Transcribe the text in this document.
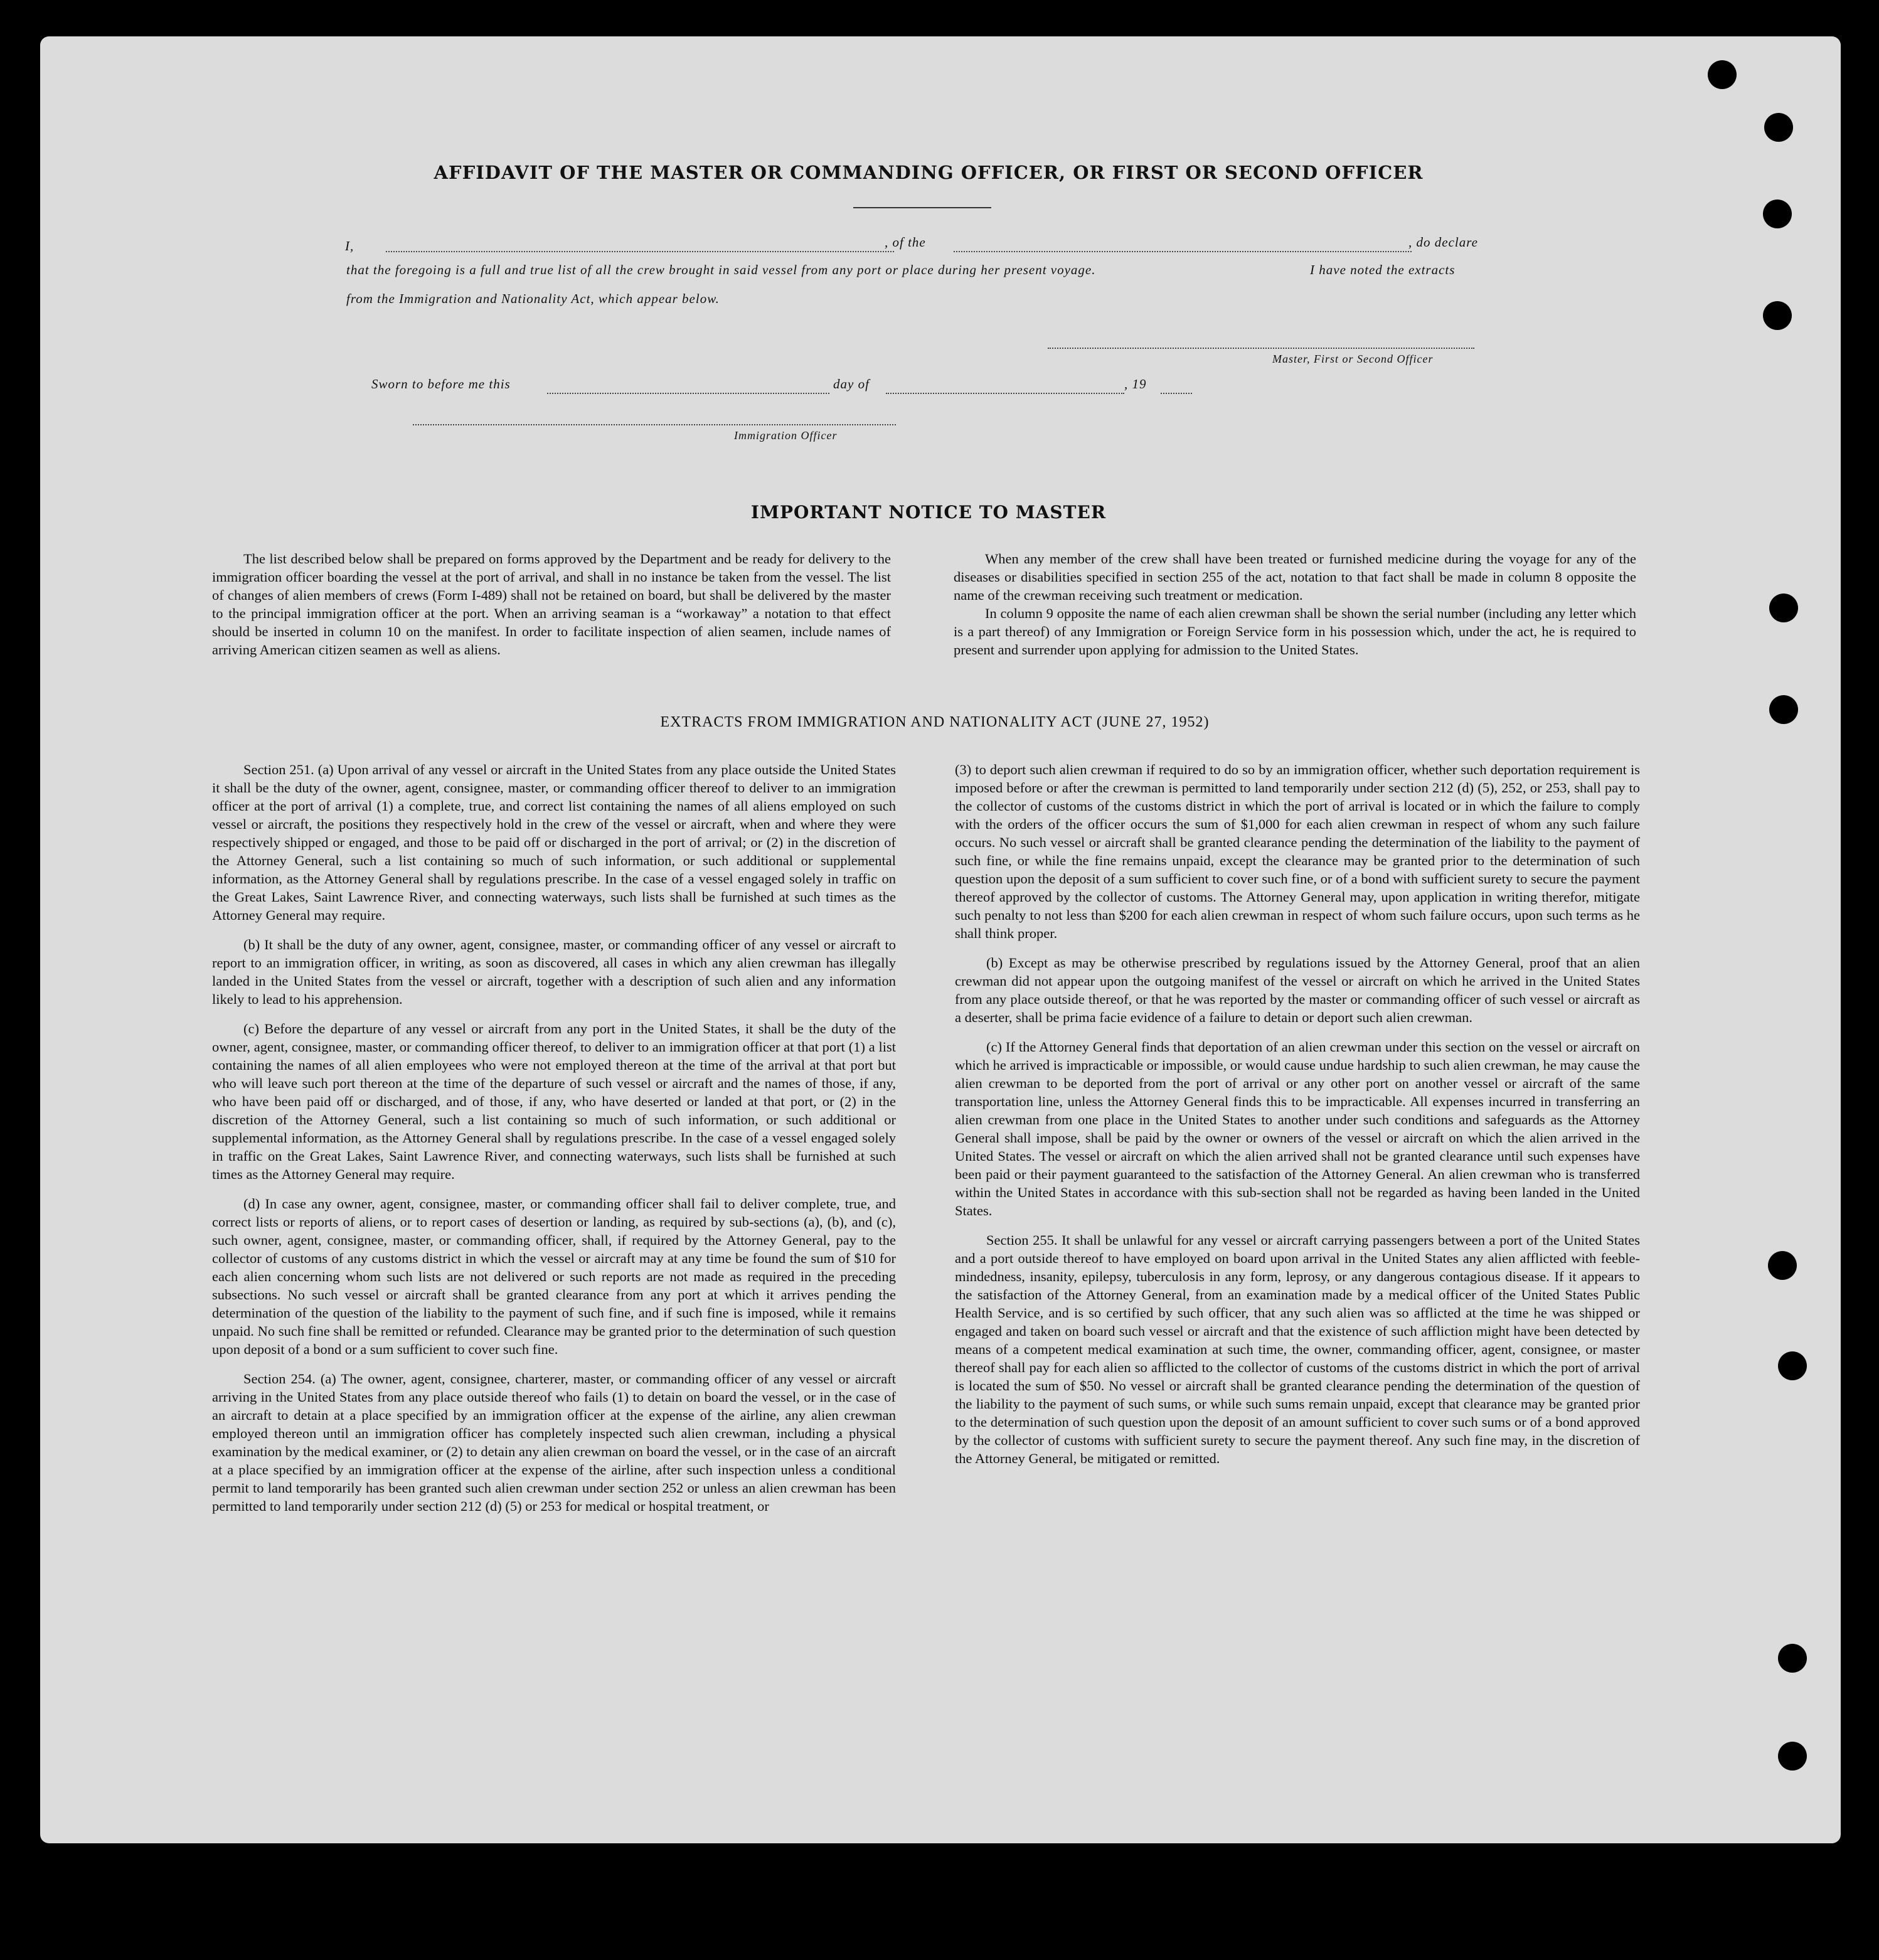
AFFIDAVIT OF THE MASTER OR COMMANDING OFFICER, OR FIRST OR SECOND OFFICER
I,	, of the	, do declare
that the foregoing is a full and true list of all the crew brought in said vessel from any port or place during her present voyage.	I have noted the extracts
from the Immigration and Nationality Act, which appear below.
Master, First or Second Officer
Sworn to before me this	day of	, 19
Immigration Officer
IMPORTANT NOTICE TO MASTER

The list described below shall be prepared on forms approved by the Department and be ready for delivery to the immigration officer boarding the vessel at the port of arrival, and shall in no instance be taken from the vessel. The list of changes of alien members of crews (Form I-489) shall not be retained on board, but shall be delivered by the master to the principal immigration officer at the port. When an arriving seaman is a “workaway” a notation to that effect should be inserted in column 10 on the manifest. In order to facilitate inspection of alien seamen, include names of arriving American citizen seamen as well as aliens.

When any member of the crew shall have been treated or furnished medicine during the voyage for any of the diseases or disabilities specified in section 255 of the act, notation to that fact shall be made in column 8 opposite the name of the crewman receiving such treatment or medication.

In column 9 opposite the name of each alien crewman shall be shown the serial number (including any letter which is a part thereof) of any Immigration or Foreign Service form in his possession which, under the act, he is required to present and surrender upon applying for admission to the United States.

EXTRACTS FROM IMMIGRATION AND NATIONALITY ACT (JUNE 27, 1952)

Section 251. (a) Upon arrival of any vessel or aircraft in the United States from any place outside the United States it shall be the duty of the owner, agent, consignee, master, or commanding officer thereof to deliver to an immigration officer at the port of arrival (1) a complete, true, and correct list containing the names of all aliens employed on such vessel or aircraft, the positions they respectively hold in the crew of the vessel or aircraft, when and where they were respectively shipped or engaged, and those to be paid off or discharged in the port of arrival; or (2) in the discretion of the Attorney General, such a list containing so much of such information, or such additional or supplemental information, as the Attorney General shall by regulations prescribe. In the case of a vessel engaged solely in traffic on the Great Lakes, Saint Lawrence River, and connecting waterways, such lists shall be furnished at such times as the Attorney General may require.

(b) It shall be the duty of any owner, agent, consignee, master, or commanding officer of any vessel or aircraft to report to an immigration officer, in writing, as soon as discovered, all cases in which any alien crewman has illegally landed in the United States from the vessel or aircraft, together with a description of such alien and any information likely to lead to his apprehension.

(c) Before the departure of any vessel or aircraft from any port in the United States, it shall be the duty of the owner, agent, consignee, master, or commanding officer thereof, to deliver to an immigration officer at that port (1) a list containing the names of all alien employees who were not employed thereon at the time of the arrival at that port but who will leave such port thereon at the time of the departure of such vessel or aircraft and the names of those, if any, who have been paid off or discharged, and of those, if any, who have deserted or landed at that port, or (2) in the discretion of the Attorney General, such a list containing so much of such information, or such additional or supplemental information, as the Attorney General shall by regulations prescribe. In the case of a vessel engaged solely in traffic on the Great Lakes, Saint Lawrence River, and connecting waterways, such lists shall be furnished at such times as the Attorney General may require.

(d) In case any owner, agent, consignee, master, or commanding officer shall fail to deliver complete, true, and correct lists or reports of aliens, or to report cases of desertion or landing, as required by sub-sections (a), (b), and (c), such owner, agent, consignee, master, or commanding officer, shall, if required by the Attorney General, pay to the collector of customs of any customs district in which the vessel or aircraft may at any time be found the sum of $10 for each alien concerning whom such lists are not delivered or such reports are not made as required in the preceding subsections. No such vessel or aircraft shall be granted clearance from any port at which it arrives pending the determination of the question of the liability to the payment of such fine, and if such fine is imposed, while it remains unpaid. No such fine shall be remitted or refunded. Clearance may be granted prior to the determination of such question upon deposit of a bond or a sum sufficient to cover such fine.

Section 254. (a) The owner, agent, consignee, charterer, master, or commanding officer of any vessel or aircraft arriving in the United States from any place outside thereof who fails (1) to detain on board the vessel, or in the case of an aircraft to detain at a place specified by an immigration officer at the expense of the airline, any alien crewman employed thereon until an immigration officer has completely inspected such alien crewman, including a physical examination by the medical examiner, or (2) to detain any alien crewman on board the vessel, or in the case of an aircraft at a place specified by an immigration officer at the expense of the airline, after such inspection unless a conditional permit to land temporarily has been granted such alien crewman under section 252 or unless an alien crewman has been permitted to land temporarily under section 212 (d) (5) or 253 for medical or hospital treatment, or

(3) to deport such alien crewman if required to do so by an immigration officer, whether such deportation requirement is imposed before or after the crewman is permitted to land temporarily under section 212 (d) (5), 252, or 253, shall pay to the collector of customs of the customs district in which the port of arrival is located or in which the failure to comply with the orders of the officer occurs the sum of $1,000 for each alien crewman in respect of whom any such failure occurs. No such vessel or aircraft shall be granted clearance pending the determination of the liability to the payment of such fine, or while the fine remains unpaid, except the clearance may be granted prior to the determination of such question upon the deposit of a sum sufficient to cover such fine, or of a bond with sufficient surety to secure the payment thereof approved by the collector of customs. The Attorney General may, upon application in writing therefor, mitigate such penalty to not less than $200 for each alien crewman in respect of whom such failure occurs, upon such terms as he shall think proper.

(b) Except as may be otherwise prescribed by regulations issued by the Attorney General, proof that an alien crewman did not appear upon the outgoing manifest of the vessel or aircraft on which he arrived in the United States from any place outside thereof, or that he was reported by the master or commanding officer of such vessel or aircraft as a deserter, shall be prima facie evidence of a failure to detain or deport such alien crewman.

(c) If the Attorney General finds that deportation of an alien crewman under this section on the vessel or aircraft on which he arrived is impracticable or impossible, or would cause undue hardship to such alien crewman, he may cause the alien crewman to be deported from the port of arrival or any other port on another vessel or aircraft of the same transportation line, unless the Attorney General finds this to be impracticable. All expenses incurred in transferring an alien crewman from one place in the United States to another under such conditions and safeguards as the Attorney General shall impose, shall be paid by the owner or owners of the vessel or aircraft on which the alien arrived in the United States. The vessel or aircraft on which the alien arrived shall not be granted clearance until such expenses have been paid or their payment guaranteed to the satisfaction of the Attorney General. An alien crewman who is transferred within the United States in accordance with this sub-section shall not be regarded as having been landed in the United States.

Section 255. It shall be unlawful for any vessel or aircraft carrying passengers between a port of the United States and a port outside thereof to have employed on board upon arrival in the United States any alien afflicted with feeble-mindedness, insanity, epilepsy, tuberculosis in any form, leprosy, or any dangerous contagious disease. If it appears to the satisfaction of the Attorney General, from an examination made by a medical officer of the United States Public Health Service, and is so certified by such officer, that any such alien was so afflicted at the time he was shipped or engaged and taken on board such vessel or aircraft and that the existence of such affliction might have been detected by means of a competent medical examination at such time, the owner, commanding officer, agent, consignee, or master thereof shall pay for each alien so afflicted to the collector of customs of the customs district in which the port of arrival is located the sum of $50. No vessel or aircraft shall be granted clearance pending the determination of the question of the liability to the payment of such sums, or while such sums remain unpaid, except that clearance may be granted prior to the determination of such question upon the deposit of an amount sufficient to cover such sums or of a bond approved by the collector of customs with sufficient surety to secure the payment thereof. Any such fine may, in the discretion of the Attorney General, be mitigated or remitted.
